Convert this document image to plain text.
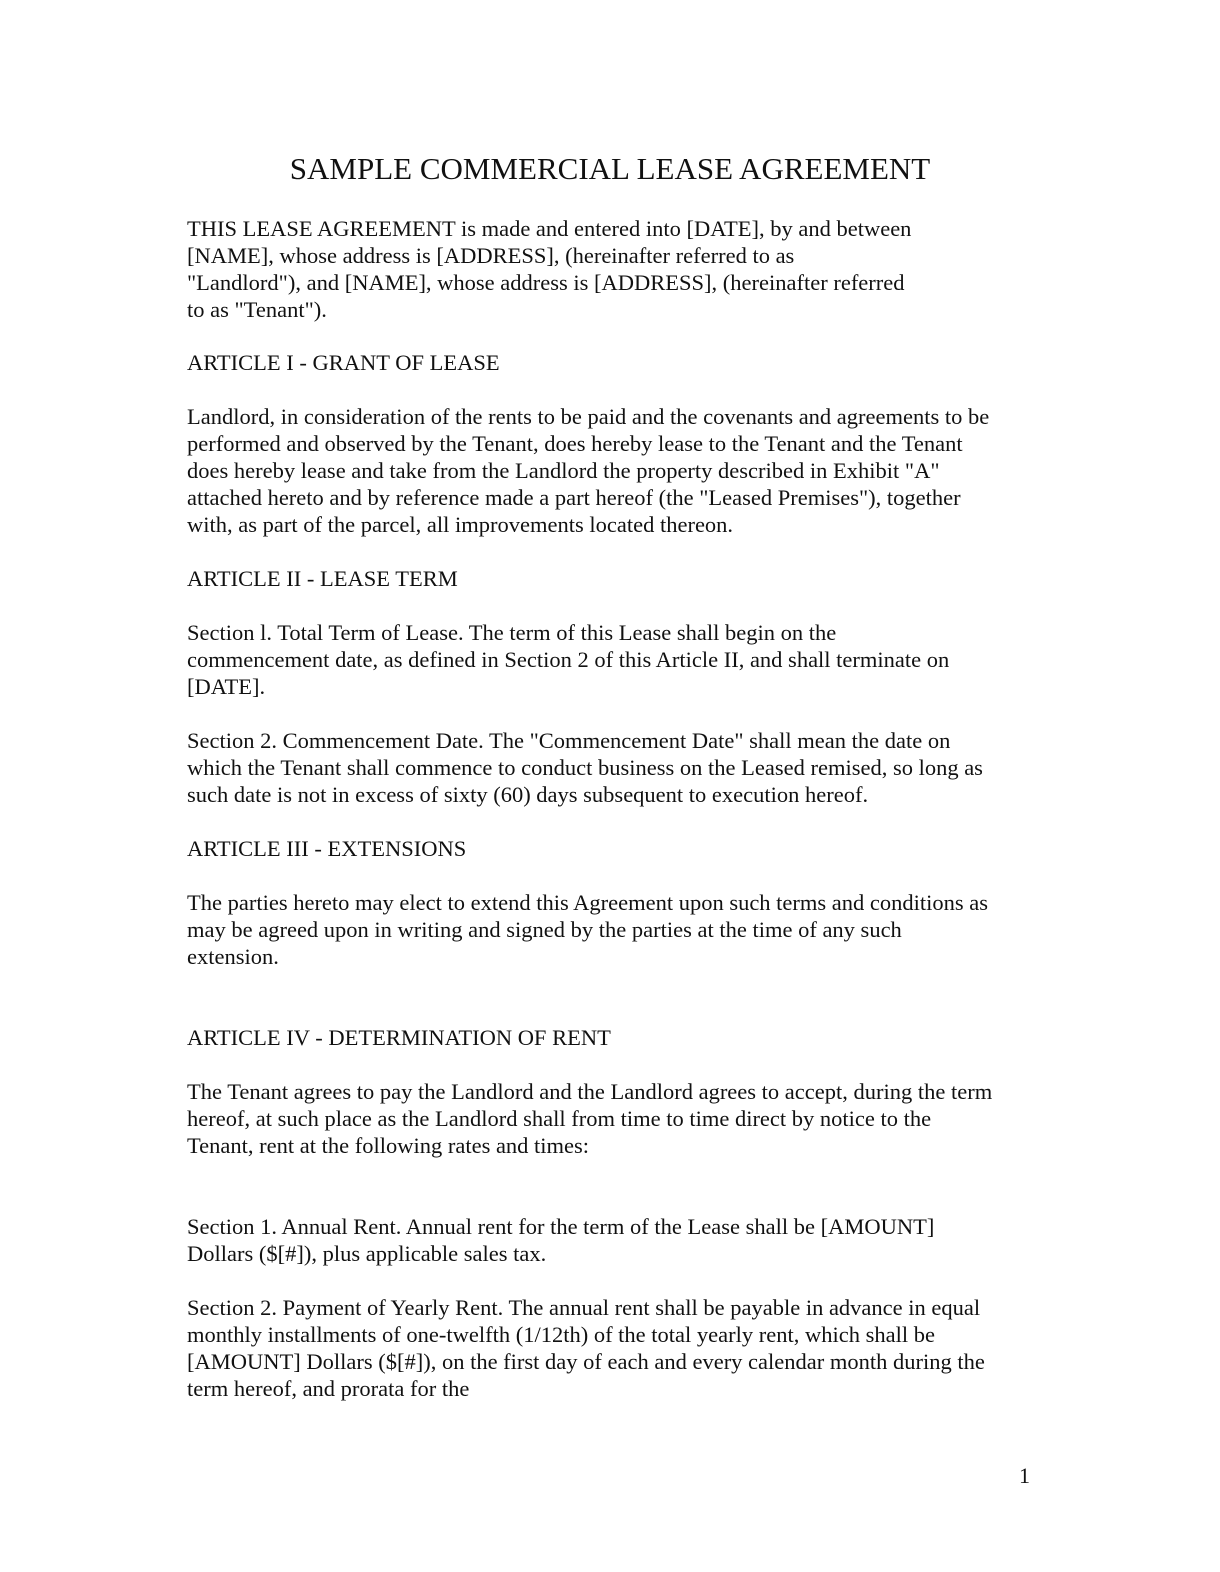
SAMPLE COMMERCIAL LEASE AGREEMENT
THIS LEASE AGREEMENT is made and entered into [DATE], by and between
[NAME], whose address is [ADDRESS], (hereinafter referred to as
"Landlord"), and [NAME], whose address is [ADDRESS], (hereinafter referred
to as "Tenant").
ARTICLE I - GRANT OF LEASE
Landlord, in consideration of the rents to be paid and the covenants and agreements to be
performed and observed by the Tenant, does hereby lease to the Tenant and the Tenant
does hereby lease and take from the Landlord the property described in Exhibit "A"
attached hereto and by reference made a part hereof (the "Leased Premises"), together
with, as part of the parcel, all improvements located thereon.
ARTICLE II - LEASE TERM
Section l. Total Term of Lease. The term of this Lease shall begin on the
commencement date, as defined in Section 2 of this Article II, and shall terminate on
[DATE].
Section 2. Commencement Date. The "Commencement Date" shall mean the date on
which the Tenant shall commence to conduct business on the Leased remised, so long as
such date is not in excess of sixty (60) days subsequent to execution hereof.
ARTICLE III - EXTENSIONS
The parties hereto may elect to extend this Agreement upon such terms and conditions as
may be agreed upon in writing and signed by the parties at the time of any such
extension.
ARTICLE IV - DETERMINATION OF RENT
The Tenant agrees to pay the Landlord and the Landlord agrees to accept, during the term
hereof, at such place as the Landlord shall from time to time direct by notice to the
Tenant, rent at the following rates and times:
Section 1. Annual Rent. Annual rent for the term of the Lease shall be [AMOUNT]
Dollars ($[#]), plus applicable sales tax.
Section 2. Payment of Yearly Rent. The annual rent shall be payable in advance in equal
monthly installments of one-twelfth (1/12th) of the total yearly rent, which shall be
[AMOUNT] Dollars ($[#]), on the first day of each and every calendar month during the
term hereof, and prorata for the
1
